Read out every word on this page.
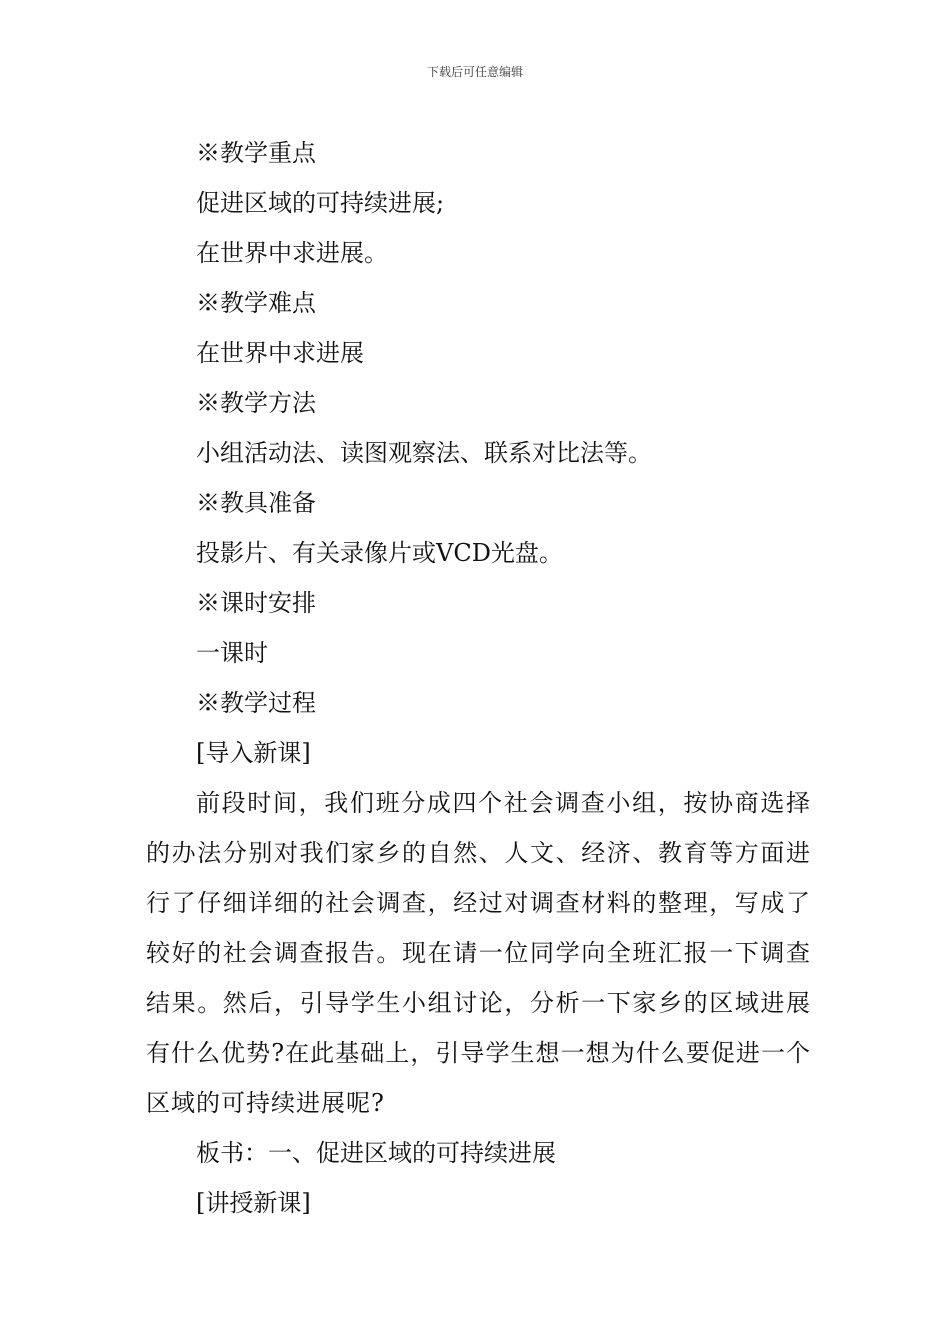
下载后可任意编辑
※教学重点
促进区域的可持续进展;
在世界中求进展。
※教学难点
在世界中求进展
※教学方法
小组活动法、读图观察法、联系对比法等。
※教具准备
投影片、有关录像片或VCD光盘。
※课时安排
一课时
※教学过程
[导入新课]

前段时间，我们班分成四个社会调查小组，按协商选择的办法分别对我们家乡的自然、人文、经济、教育等方面进行了仔细详细的社会调查，经过对调查材料的整理，写成了较好的社会调查报告。现在请一位同学向全班汇报一下调查结果。然后，引导学生小组讨论，分析一下家乡的区域进展有什么优势?在此基础上，引导学生想一想为什么要促进一个区域的可持续进展呢?

板书：一、促进区域的可持续进展
[讲授新课]
